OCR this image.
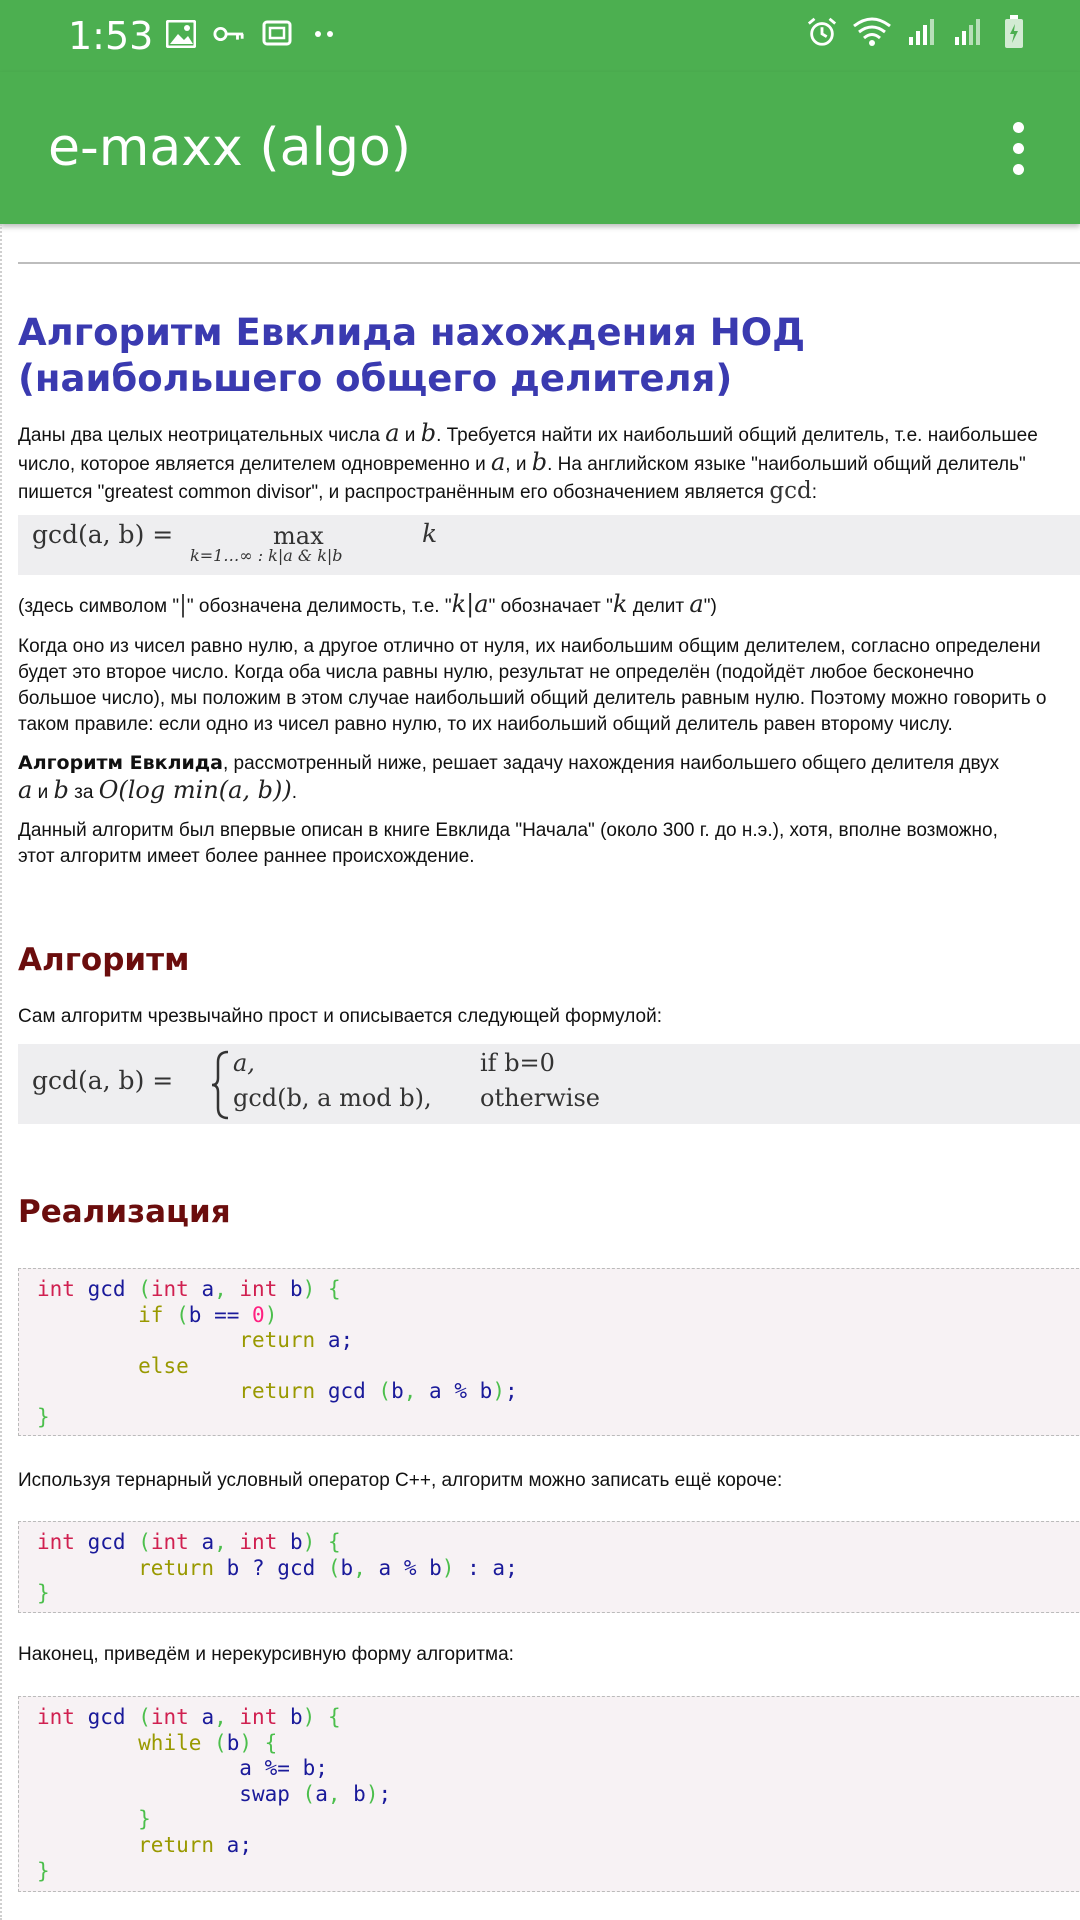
1:53
e-maxx (algo)
Алгоритм Евклида нахождения НОД
(наибольшего общего делителя)
Даны два целых неотрицательных числа a и b. Требуется найти их наибольший общий делитель, т.е. наибольшее
число, которое является делителем одновременно и a, и b. На английском языке "наибольший общий делитель"
пишется "greatest common divisor", и распространённым его обозначением является gcd:
gcd(a, b) =	max
k=1…∞ : k|a & k|b
k
(здесь символом "|" обозначена делимость, т.е. "k|a" обозначает "k делит a")
Когда оно из чисел равно нулю, а другое отлично от нуля, их наибольшим общим делителем, согласно определени
будет это второе число. Когда оба числа равны нулю, результат не определён (подойдёт любое бесконечно
большое число), мы положим в этом случае наибольший общий делитель равным нулю. Поэтому можно говорить о
таком правиле: если одно из чисел равно нулю, то их наибольший общий делитель равен второму числу.
Алгоритм Евклида, рассмотренный ниже, решает задачу нахождения наибольшего общего делителя двух
a и b за O(log min(a, b)).
Данный алгоритм был впервые описан в книге Евклида "Начала" (около 300 г. до н.э.), хотя, вполне возможно,
этот алгоритм имеет более раннее происхождение.
Алгоритм
Сам алгоритм чрезвычайно прост и описывается следующей формулой:
gcd(a, b) =
a,	if b=0
gcd(b, a mod b), otherwise
Реализация
int gcd (int a, int b) {
if (b == 0)
return a;
else
return gcd (b, a % b);
}
Используя тернарный условный оператор C++, алгоритм можно записать ещё короче:
int gcd (int a, int b) {
return b ? gcd (b, a % b) : a;
}
Наконец, приведём и нерекурсивную форму алгоритма:
int gcd (int a, int b) {
while (b) {
a %= b;
swap (a, b);
}
return a;
}
